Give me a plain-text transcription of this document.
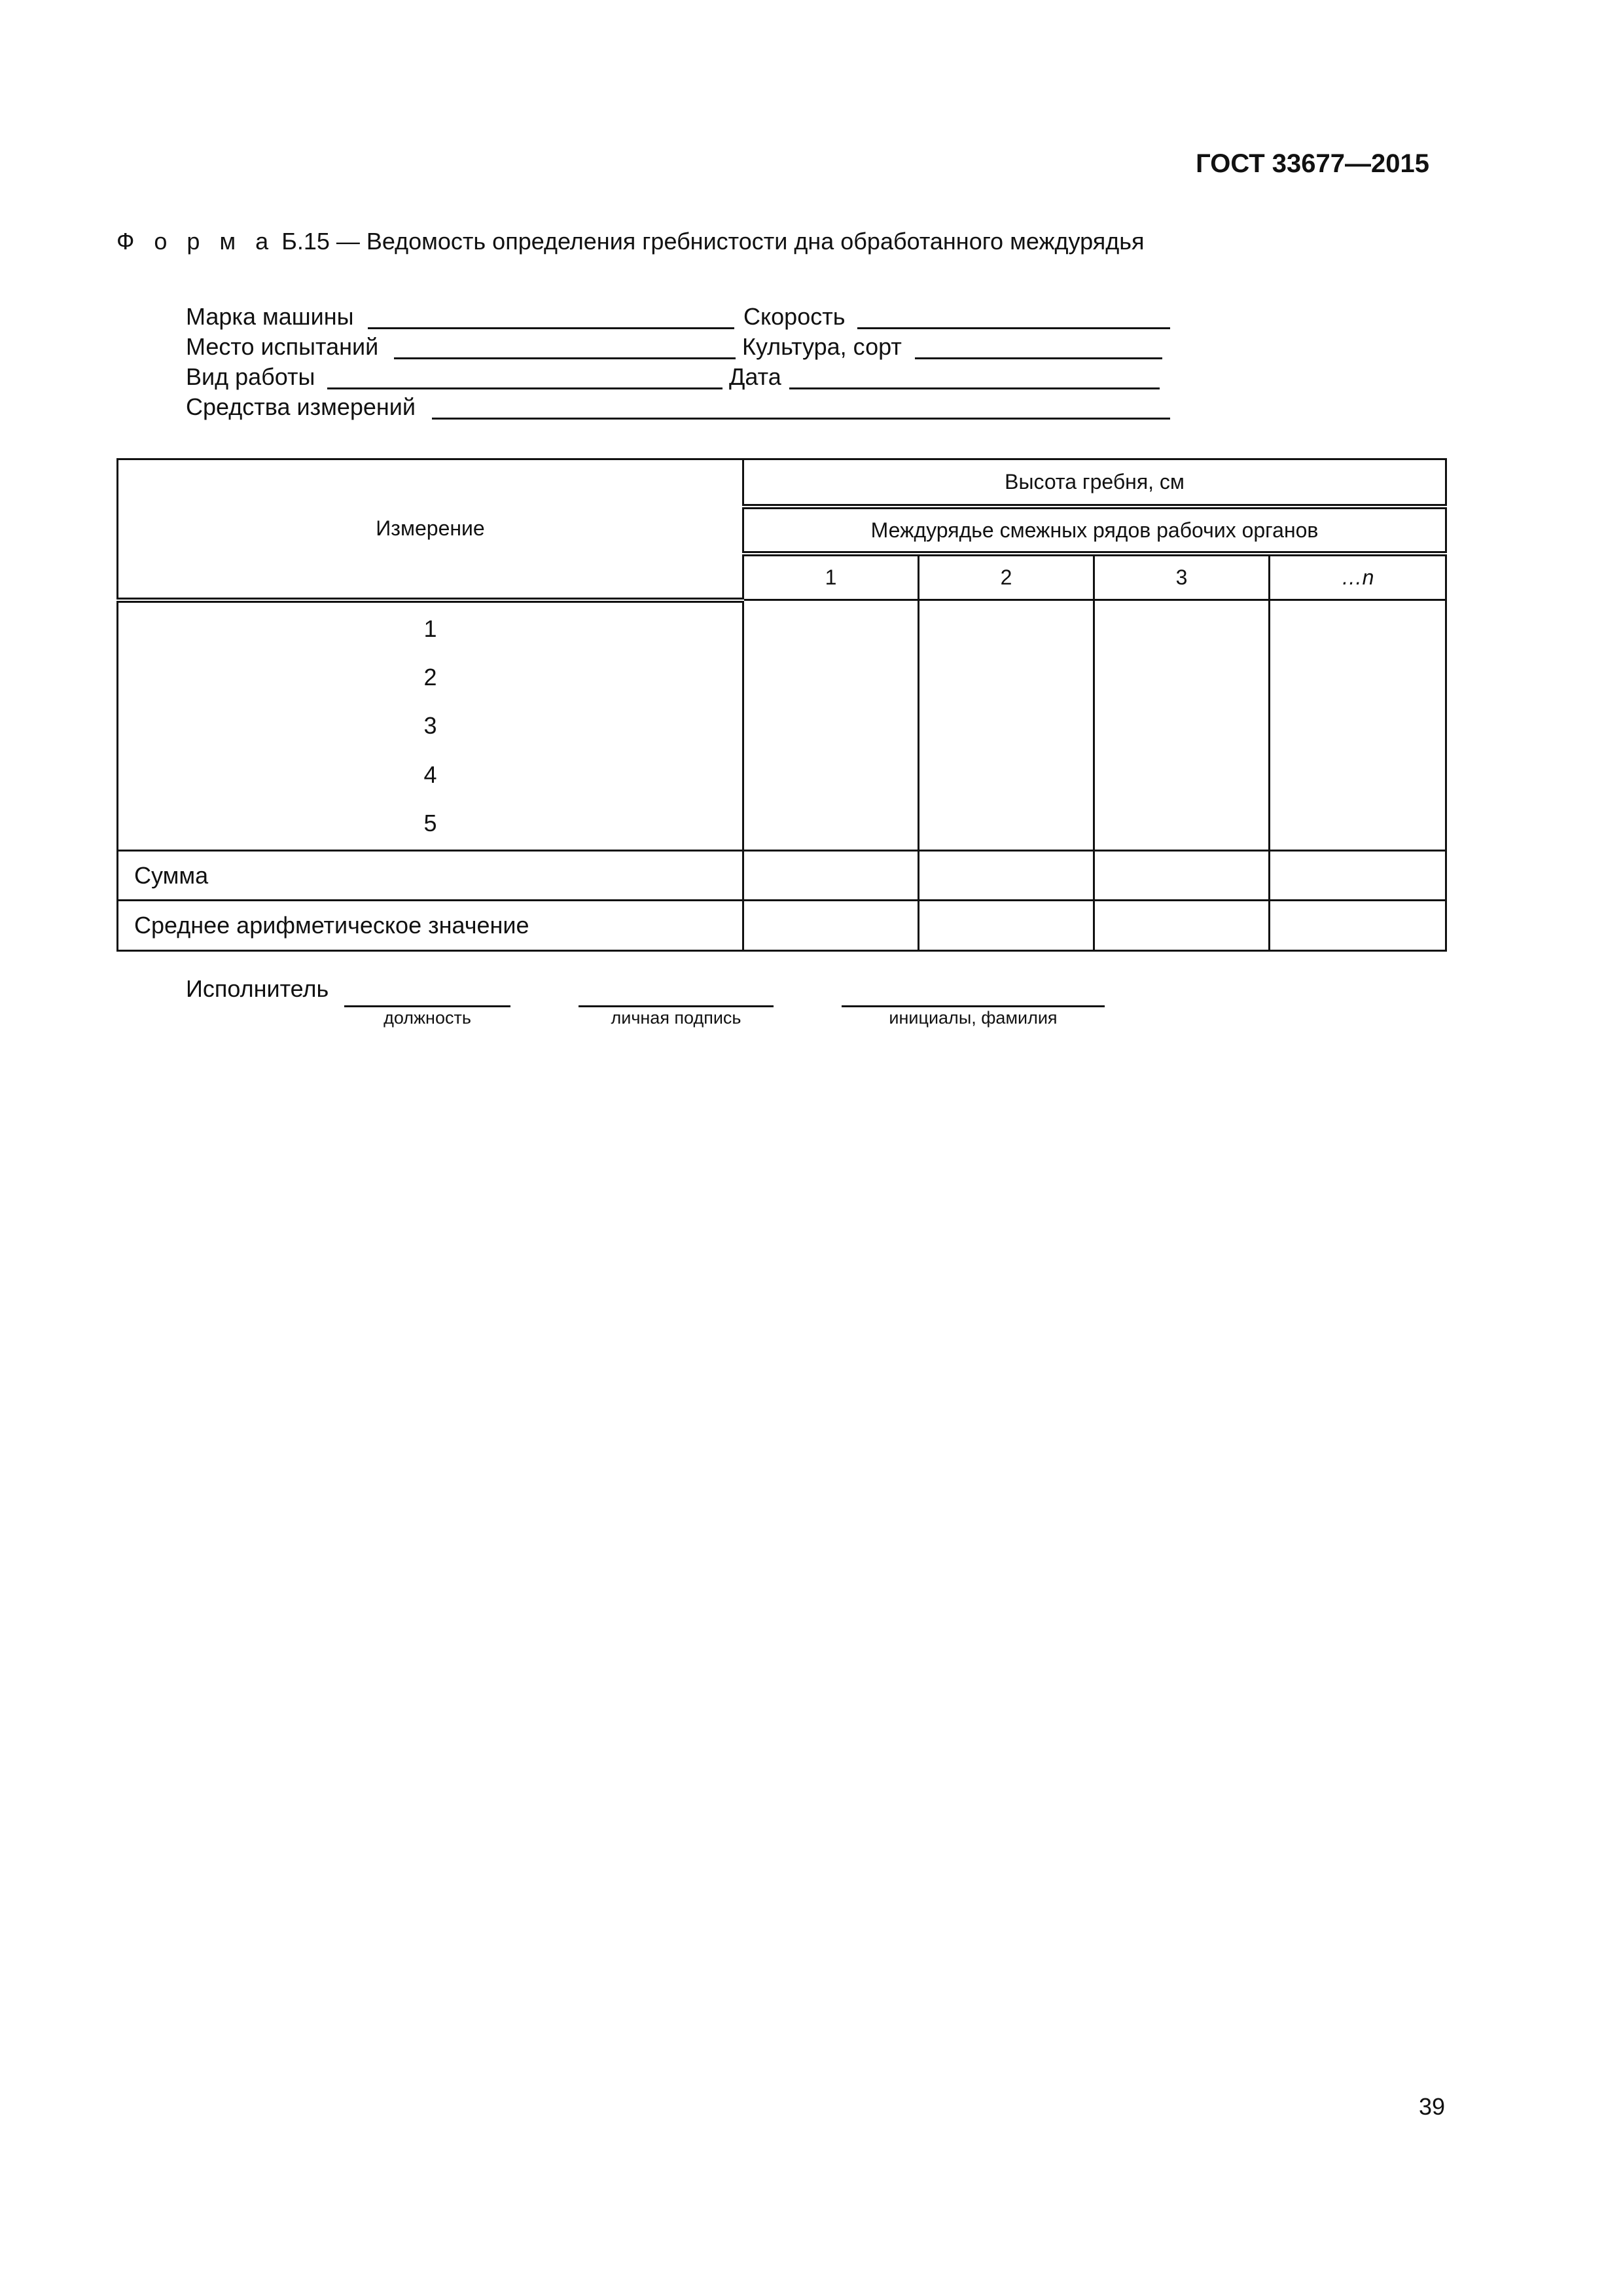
ГОСТ 33677—2015
Ф о р м а Б.15 — Ведомость определения гребнистости дна обработанного междурядья
Марка машины	Скорость
Место испытаний	Культура, сорт
Вид работы	Дата
Средства измерений
Измерение	Высота гребня, см			
	Междурядье смежных рядов рабочих органов			
	1	2	3	…n

1
2
3
4
5				

Сумма				
Среднее арифметическое значение				
Исполнитель
должность	личная подпись	инициалы, фамилия
39
